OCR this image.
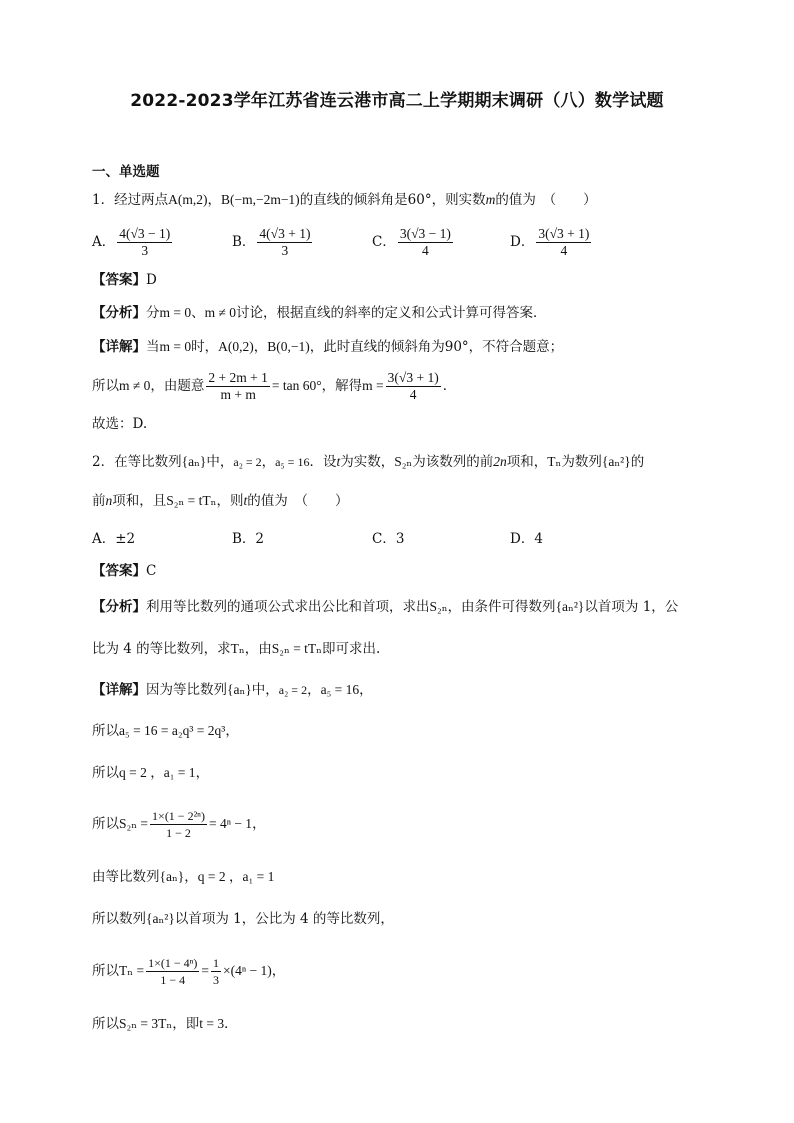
2022-2023学年江苏省连云港市高二上学期期末调研（八）数学试题
一、单选题
1．经过两点A(m,2)，B(−m,−2m−1)的直线的倾斜角是60°，则实数m的值为　（　　）
A． $\frac{4(√3 - 1)}{3}$	B． $\frac{4(√3 + 1)}{3}$	C． $\frac{3(√3 - 1)}{4}$	D． $\frac{3(√3 + 1)}{4}$
【答案】D
【分析】分m = 0、m ≠ 0讨论，根据直线的斜率的定义和公式计算可得答案．
【详解】当m = 0时，A(0,2)，B(0,−1)，此时直线的倾斜角为90°，不符合题意；
所以m ≠ 0，由题意 $\frac{2 + 2m + 1}{m + m} = \tan 60^\circ$，解得$m = \frac{3(√3 + 1)}{4}$ ．
故选：D.
2．在等比数列{aₙ}中，a₂ = 2，a₅ = 16．设t为实数，S₂ₙ为该数列的前2n项和，Tₙ为数列{aₙ²}的
前n项和，且S₂ₙ = tTₙ，则t的值为　（　　）
A．±2	B．2	C．3	D．4
【答案】C
【分析】利用等比数列的通项公式求出公比和首项，求出S₂ₙ，由条件可得数列{aₙ²}以首项为 1，公
比为 4 的等比数列，求Tₙ，由S₂ₙ = tTₙ即可求出.
【详解】因为等比数列{aₙ}中，a₂ = 2，a₅ = 16，
所以a₅ = 16 = a₂q³ = 2q³，
所以q = 2 ，a₁ = 1，
所以$S_{2n} = \frac{\text{1×(1 − 2²ⁿ)}}{1 - 2} = 4^n - 1$，
由等比数列{aₙ}，q = 2 ，a₁ = 1
所以数列{aₙ²}以首项为 1，公比为 4 的等比数列，
所以$T_n = \frac{\text{1×(1 − 4ⁿ)}}{1 - 4} = \frac{1}{3} \times(4^n - 1)$，
所以S₂ₙ = 3Tₙ，即t = 3．
